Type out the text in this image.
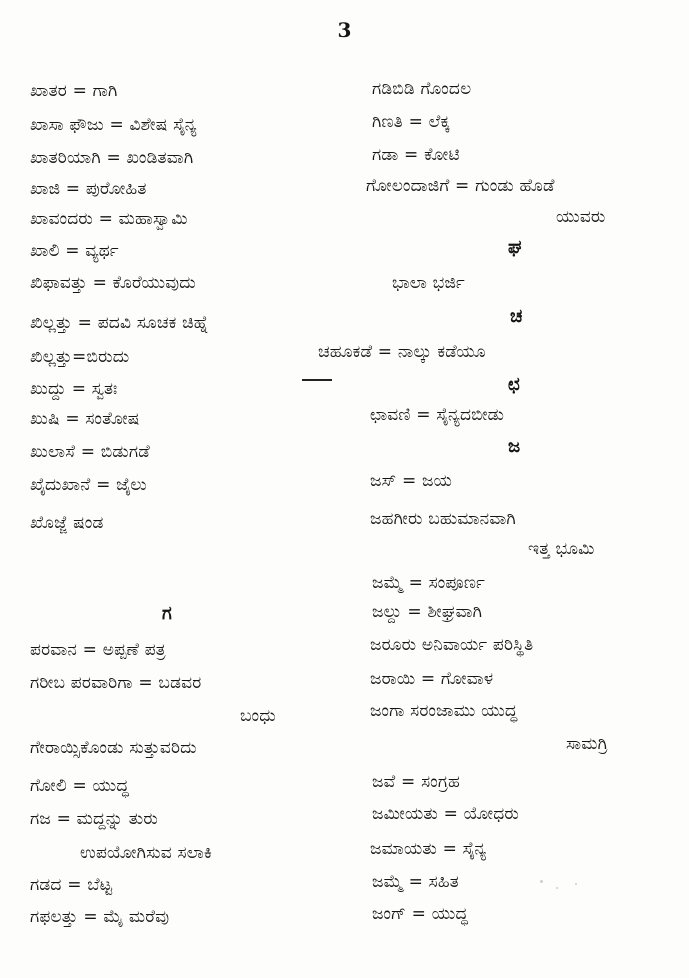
3
ಖಾತರ = ಗಾಗಿ
ಖಾಸಾ ಫೌಜು = ವಿಶೇಷ ಸೈನ್ಯ
ಖಾತರಿಯಾಗಿ = ಖಂಡಿತವಾಗಿ
ಖಾಜಿ = ಪುರೋಹಿತ
ಖಾವಂದರು = ಮಹಾಸ್ವಾಮಿ
ಖಾಲಿ = ವ್ಯರ್ಥ
ಖಿಫಾವತ್ತು = ಕೊರೆಯುವುದು
ಖಿಲ್ಲತ್ತು = ಪದವಿ ಸೂಚಕ ಚಿಹ್ನೆ
ಖಿಲ್ಲತ್ತು=ಬಿರುದು
ಖುದ್ದು = ಸ್ವತಃ
ಖುಷಿ = ಸಂತೋಷ
ಖುಲಾಸೆ = ಬಿಡುಗಡೆ
ಖೈದುಖಾನೆ = ಜೈಲು
ಖೊಜ್ಜೆ ಷಂಡ
ಗ
ಪರವಾನ = ಅಪ್ಪಣೆ ಪತ್ರ
ಗರೀಬ ಪರವಾರಿಗಾ = ಬಡವರ
ಬಂಧು
ಗೇರಾಯ್ಸಿಕೊಂಡು ಸುತ್ತುವರಿದು
ಗೋಲಿ = ಯುದ್ಧ
ಗಜ = ಮದ್ದನ್ನು ತುರು
ಉಪಯೋಗಿಸುವ ಸಲಾಕಿ
ಗಡದ = ಬೆಟ್ಟ
ಗಫಲತ್ತು = ಮೈ ಮರೆವು
ಗಡಿಬಿಡಿ ಗೊಂದಲ
ಗಿಣತಿ = ಲೆಕ್ಕ
ಗಡಾ = ಕೋಟಿ
ಗೋಲಂದಾಜಿಗೆ = ಗುಂಡು ಹೊಡೆ
ಯುವರು
ಘ
ಭಾಲಾ ಭರ್ಜಿ
ಚ
ಚಹೂಕಡೆ = ನಾಲ್ಕು ಕಡೆಯೂ
ಛ
ಛಾವಣಿ = ಸೈನ್ಯದಬೀಡು
ಜ
ಜಸ್ = ಜಯ
ಜಹಗೀರು ಬಹುಮಾನವಾಗಿ
ಇತ್ತ ಭೂಮಿ
ಜಮ್ಮೆ = ಸಂಪೂರ್ಣ
ಜಲ್ದು = ಶೀಘ್ರವಾಗಿ
ಜರೂರು ಅನಿವಾರ್ಯ ಪರಿಸ್ಥಿತಿ
ಜರಾಯಿ = ಗೋವಾಳ
ಜಂಗಾ ಸರಂಜಾಮು ಯುದ್ಧ
ಸಾಮಗ್ರಿ
ಜವೆ = ಸಂಗ್ರಹ
ಜಮೀಯತು = ಯೋಧರು
ಜಮಾಯತು = ಸೈನ್ಯ
ಜಮ್ಮೆ = ಸಹಿತ
ಜಂಗ್ = ಯುದ್ಧ
